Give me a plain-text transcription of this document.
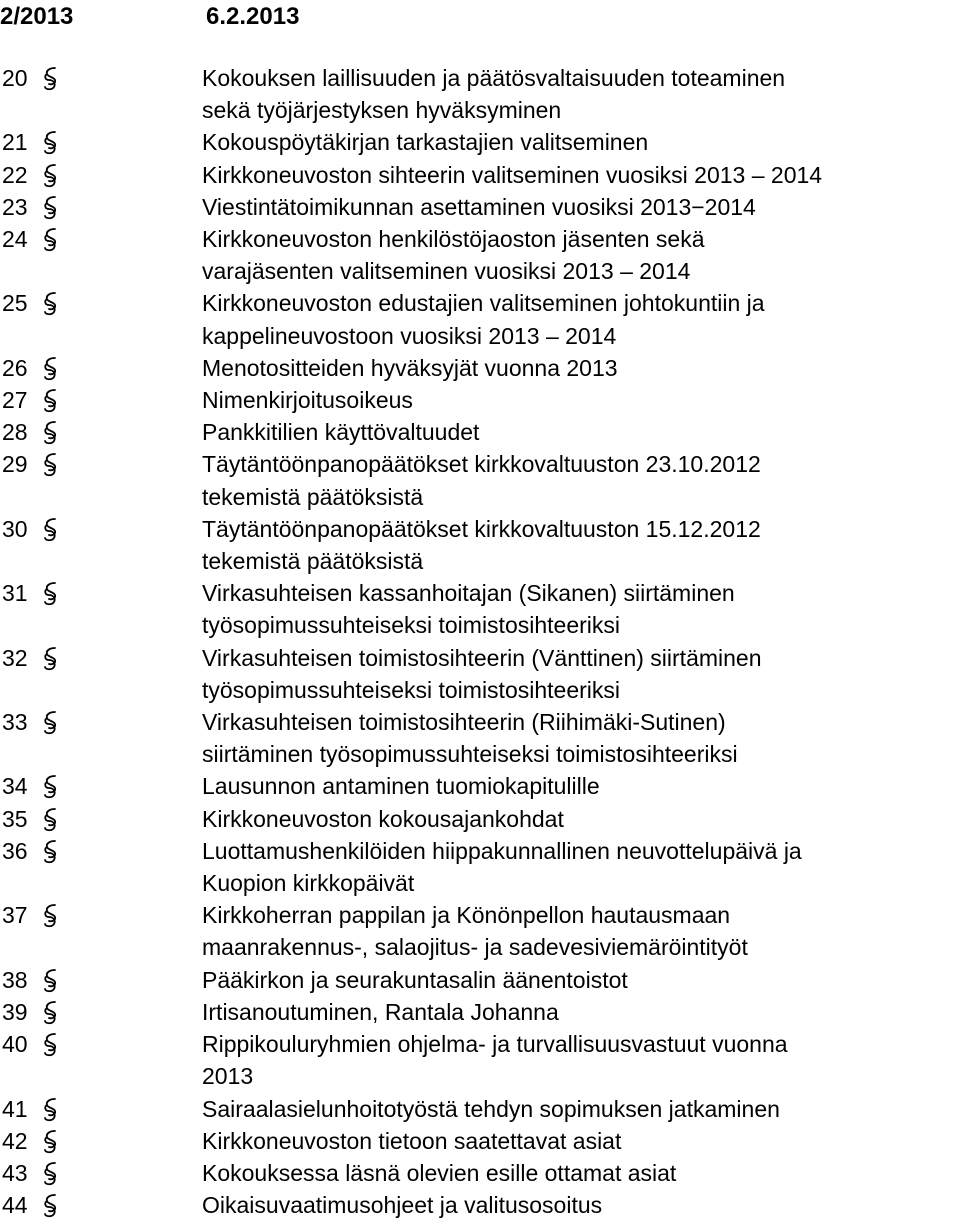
2/2013	6.2.2013
20	Kokouksen laillisuuden ja päätösvaltaisuuden toteaminen
sekä työjärjestyksen hyväksyminen
21	Kokouspöytäkirjan tarkastajien valitseminen
22	Kirkkoneuvoston sihteerin valitseminen vuosiksi 2013 – 2014
23	Viestintätoimikunnan asettaminen vuosiksi 2013−2014
24	Kirkkoneuvoston henkilöstöjaoston jäsenten sekä
varajäsenten valitseminen vuosiksi 2013 – 2014
25	Kirkkoneuvoston edustajien valitseminen johtokuntiin ja
kappelineuvostoon vuosiksi 2013 – 2014
26	Menotositteiden hyväksyjät vuonna 2013
27	Nimenkirjoitusoikeus
28	Pankkitilien käyttövaltuudet
29	Täytäntöönpanopäätökset kirkkovaltuuston 23.10.2012
tekemistä päätöksistä
30	Täytäntöönpanopäätökset kirkkovaltuuston 15.12.2012
tekemistä päätöksistä
31	Virkasuhteisen kassanhoitajan (Sikanen) siirtäminen
työsopimussuhteiseksi toimistosihteeriksi
32	Virkasuhteisen toimistosihteerin (Vänttinen) siirtäminen
työsopimussuhteiseksi toimistosihteeriksi
33	Virkasuhteisen toimistosihteerin (Riihimäki-Sutinen)
siirtäminen työsopimussuhteiseksi toimistosihteeriksi
34	Lausunnon antaminen tuomiokapitulille
35	Kirkkoneuvoston kokousajankohdat
36	Luottamushenkilöiden hiippakunnallinen neuvottelupäivä ja
Kuopion kirkkopäivät
37	Kirkkoherran pappilan ja Könönpellon hautausmaan
maanrakennus-, salaojitus- ja sadevesiviemäröintityöt
38	Pääkirkon ja seurakuntasalin äänentoistot
39	Irtisanoutuminen, Rantala Johanna
40	Rippikouluryhmien ohjelma- ja turvallisuusvastuut vuonna
2013
41	Sairaalasielunhoitotyöstä tehdyn sopimuksen jatkaminen
42	Kirkkoneuvoston tietoon saatettavat asiat
43	Kokouksessa läsnä olevien esille ottamat asiat
44	Oikaisuvaatimusohjeet ja valitusosoitus
